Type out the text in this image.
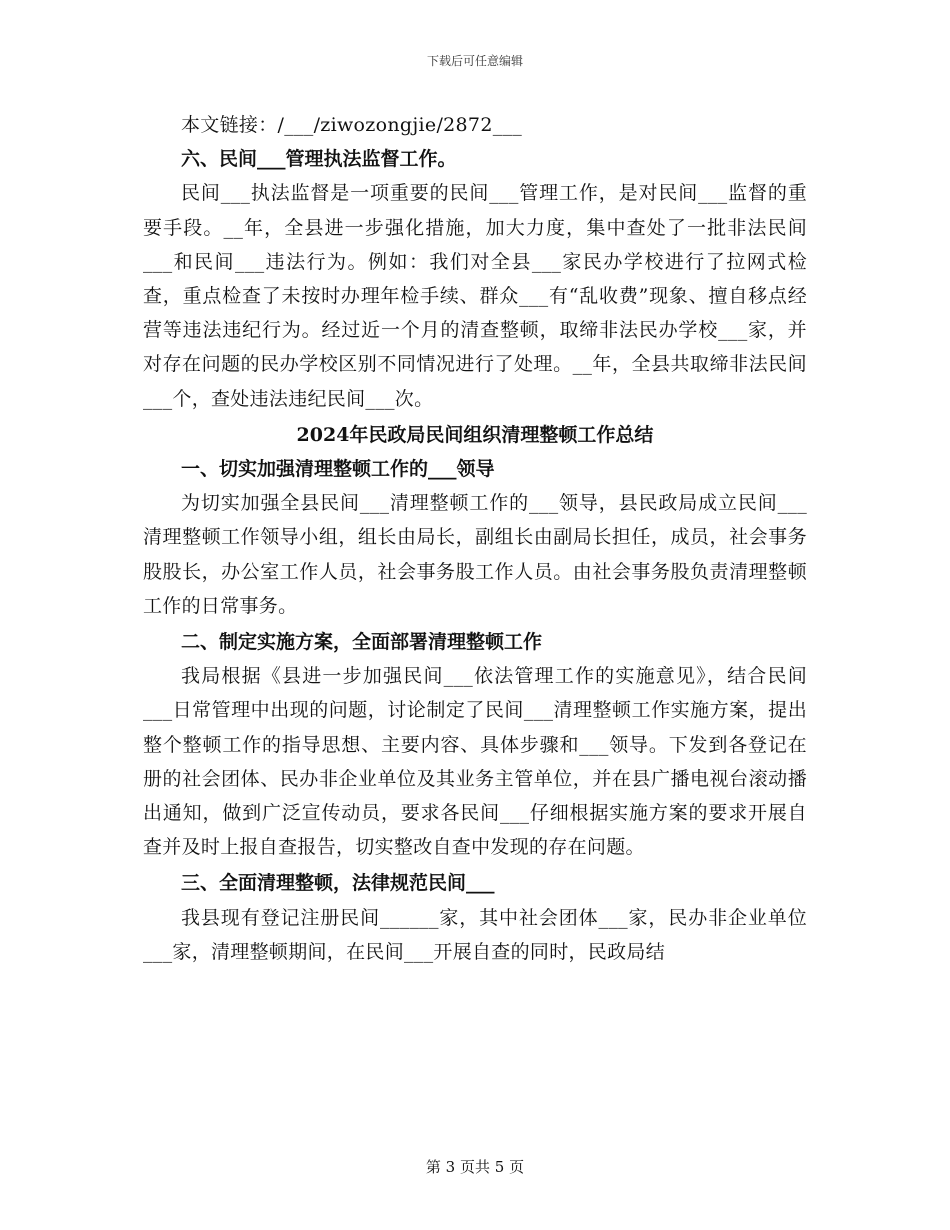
下载后可任意编辑

本文链接：/___/ziwozongjie/2872___

六、民间___管理执法监督工作。

民间___执法监督是一项重要的民间___管理工作，是对民间___监督的重要手段。__年，全县进一步强化措施，加大力度，集中查处了一批非法民间___和民间___违法行为。例如：我们对全县___家民办学校进行了拉网式检查，重点检查了未按时办理年检手续、群众___有“乱收费”现象、擅自移点经营等违法违纪行为。经过近一个月的清查整顿，取缔非法民办学校___家，并对存在问题的民办学校区别不同情况进行了处理。__年，全县共取缔非法民间___个，查处违法违纪民间___次。

2024年民政局民间组织清理整顿工作总结

一、切实加强清理整顿工作的___领导

为切实加强全县民间___清理整顿工作的___领导，县民政局成立民间___清理整顿工作领导小组，组长由局长，副组长由副局长担任，成员，社会事务股股长，办公室工作人员，社会事务股工作人员。由社会事务股负责清理整顿工作的日常事务。

二、制定实施方案，全面部署清理整顿工作

我局根据《县进一步加强民间___依法管理工作的实施意见》，结合民间___日常管理中出现的问题，讨论制定了民间___清理整顿工作实施方案，提出整个整顿工作的指导思想、主要内容、具体步骤和___领导。下发到各登记在册的社会团体、民办非企业单位及其业务主管单位，并在县广播电视台滚动播出通知，做到广泛宣传动员，要求各民间___仔细根据实施方案的要求开展自查并及时上报自查报告，切实整改自查中发现的存在问题。

三、全面清理整顿，法律规范民间___

我县现有登记注册民间______家，其中社会团体___家，民办非企业单位___家，清理整顿期间，在民间___开展自查的同时，民政局结

第 3 页共 5 页
